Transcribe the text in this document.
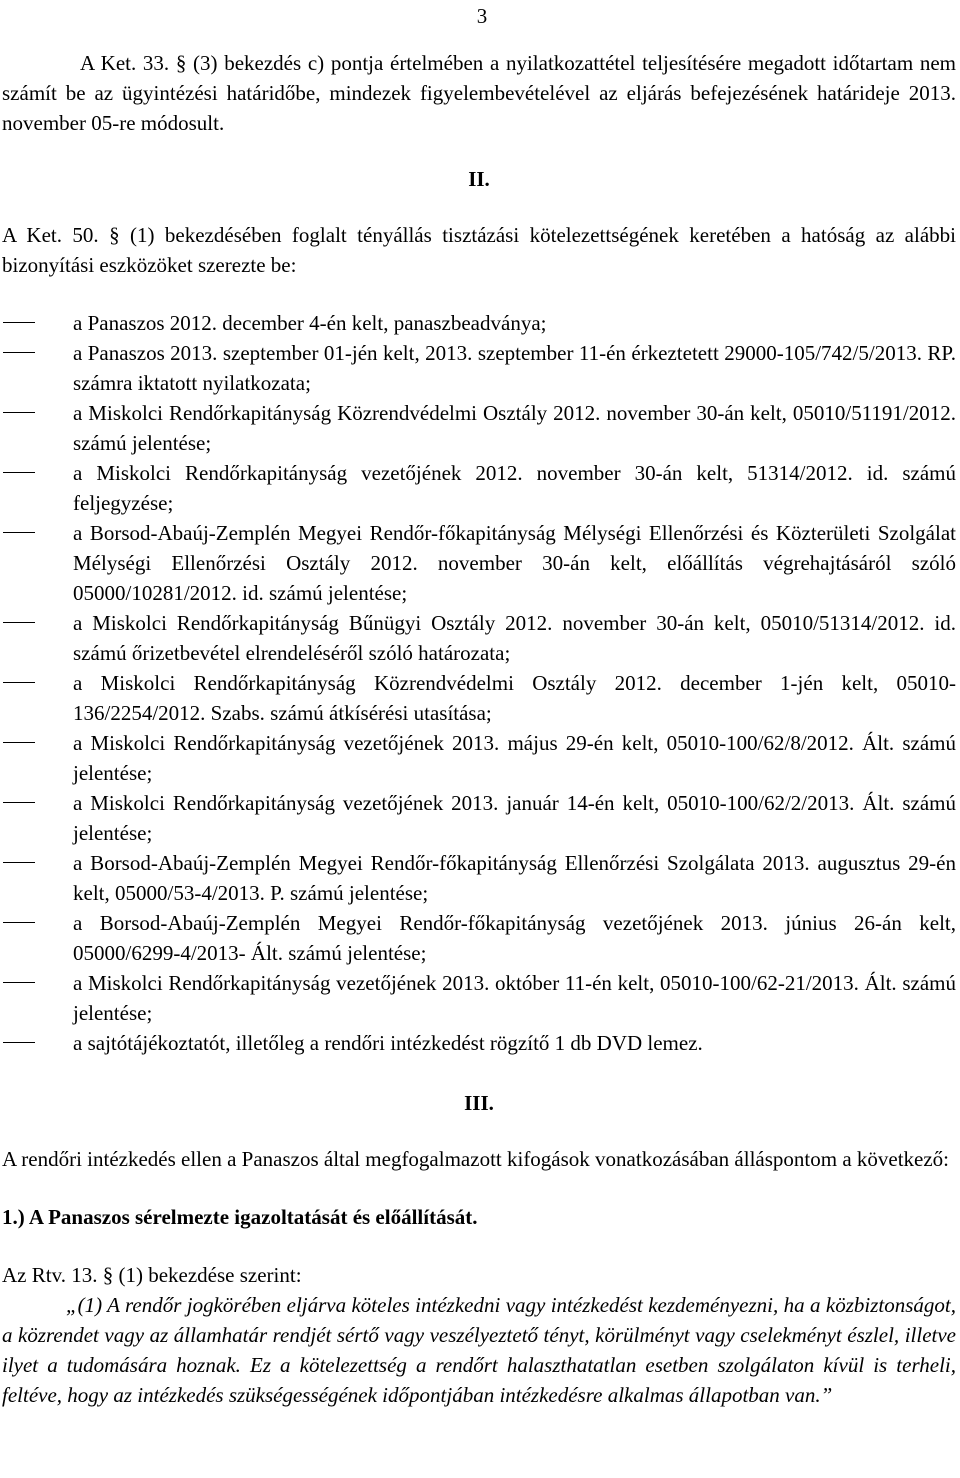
3

A Ket. 33. § (3) bekezdés c) pontja értelmében a nyilatkozattétel teljesítésére megadott időtartam nem számít be az ügyintézési határidőbe, mindezek figyelembevételével az eljárás befejezésének határideje 2013. november 05-re módosult.

II.

A Ket. 50. § (1) bekezdésében foglalt tényállás tisztázási kötelezettségének keretében a hatóság az alábbi bizonyítási eszközöket szerezte be:

a Panaszos 2012. december 4-én kelt, panaszbeadványa;
a Panaszos 2013. szeptember 01-jén kelt, 2013. szeptember 11-én érkeztetett 29000-105/742/5/2013. RP. számra iktatott nyilatkozata;
a Miskolci Rendőrkapitányság Közrendvédelmi Osztály 2012. november 30-án kelt, 05010/51191/2012. számú jelentése;
a Miskolci Rendőrkapitányság vezetőjének 2012. november 30-án kelt, 51314/2012. id. számú feljegyzése;
a Borsod-Abaúj-Zemplén Megyei Rendőr-főkapitányság Mélységi Ellenőrzési és Közterületi Szolgálat Mélységi Ellenőrzési Osztály 2012. november 30-án kelt, előállítás végrehajtásáról szóló 05000/10281/2012. id. számú jelentése;
a Miskolci Rendőrkapitányság Bűnügyi Osztály 2012. november 30-án kelt, 05010/51314/2012. id. számú őrizetbevétel elrendeléséről szóló határozata;
a Miskolci Rendőrkapitányság Közrendvédelmi Osztály 2012. december 1-jén kelt, 05010-136/2254/2012. Szabs. számú átkísérési utasítása;
a Miskolci Rendőrkapitányság vezetőjének 2013. május 29-én kelt, 05010-100/62/8/2012. Ált. számú jelentése;
a Miskolci Rendőrkapitányság vezetőjének 2013. január 14-én kelt, 05010-100/62/2/2013. Ált. számú jelentése;
a Borsod-Abaúj-Zemplén Megyei Rendőr-főkapitányság Ellenőrzési Szolgálata 2013. augusztus 29-én kelt, 05000/53-4/2013. P. számú jelentése;
a Borsod-Abaúj-Zemplén Megyei Rendőr-főkapitányság vezetőjének 2013. június 26-án kelt, 05000/6299-4/2013- Ált. számú jelentése;
a Miskolci Rendőrkapitányság vezetőjének 2013. október 11-én kelt, 05010-100/62-21/2013. Ált. számú jelentése;
a sajtótájékoztatót, illetőleg a rendőri intézkedést rögzítő 1 db DVD lemez.

III.

A rendőri intézkedés ellen a Panaszos által megfogalmazott kifogások vonatkozásában álláspontom a következő:

1.) A Panaszos sérelmezte igazoltatását és előállítását.

Az Rtv. 13. § (1) bekezdése szerint:

„(1) A rendőr jogkörében eljárva köteles intézkedni vagy intézkedést kezdeményezni, ha a közbiztonságot, a közrendet vagy az államhatár rendjét sértő vagy veszélyeztető tényt, körülményt vagy cselekményt észlel, illetve ilyet a tudomására hoznak. Ez a kötelezettség a rendőrt halaszthatatlan esetben szolgálaton kívül is terheli, feltéve, hogy az intézkedés szükségességének időpontjában intézkedésre alkalmas állapotban van.”
